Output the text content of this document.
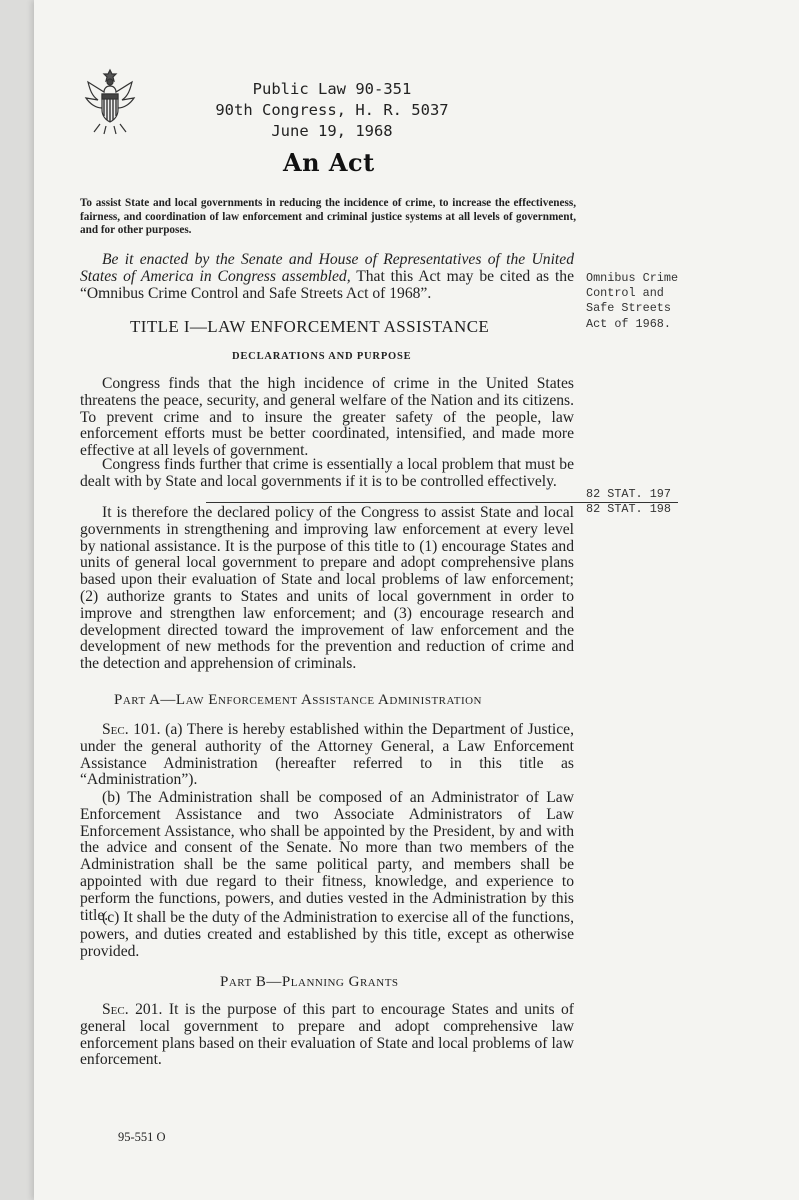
Public Law 90-351
90th Congress, H. R. 5037
June 19, 1968
An Act
To assist State and local governments in reducing the incidence of crime, to increase the effectiveness, fairness, and coordination of law enforcement and criminal justice systems at all levels of government, and for other purposes.

Be it enacted by the Senate and House of Representatives of the United States of America in Congress assembled, That this Act may be cited as the “Omnibus Crime Control and Safe Streets Act of 1968”.

Omnibus Crime
Control and
Safe Streets
Act of 1968.
TITLE I—LAW ENFORCEMENT ASSISTANCE
DECLARATIONS AND PURPOSE

Congress finds that the high incidence of crime in the United States threatens the peace, security, and general welfare of the Nation and its citizens. To prevent crime and to insure the greater safety of the people, law enforcement efforts must be better coordinated, intensified, and made more effective at all levels of government.

Congress finds further that crime is essentially a local problem that must be dealt with by State and local governments if it is to be controlled effectively.

82 STAT. 197
82 STAT. 198

It is therefore the declared policy of the Congress to assist State and local governments in strengthening and improving law enforcement at every level by national assistance. It is the purpose of this title to (1) encourage States and units of general local government to prepare and adopt comprehensive plans based upon their evaluation of State and local problems of law enforcement; (2) authorize grants to States and units of local government in order to improve and strengthen law enforcement; and (3) encourage research and development directed toward the improvement of law enforcement and the development of new methods for the prevention and reduction of crime and the detection and apprehension of criminals.

Part A—Law Enforcement Assistance Administration

Sec. 101. (a) There is hereby established within the Department of Justice, under the general authority of the Attorney General, a Law Enforcement Assistance Administration (hereafter referred to in this title as “Administration”).

(b) The Administration shall be composed of an Administrator of Law Enforcement Assistance and two Associate Administrators of Law Enforcement Assistance, who shall be appointed by the President, by and with the advice and consent of the Senate. No more than two members of the Administration shall be the same political party, and members shall be appointed with due regard to their fitness, knowledge, and experience to perform the functions, powers, and duties vested in the Administration by this title.

(c) It shall be the duty of the Administration to exercise all of the functions, powers, and duties created and established by this title, except as otherwise provided.

Part B—Planning Grants

Sec. 201. It is the purpose of this part to encourage States and units of general local government to prepare and adopt comprehensive law enforcement plans based on their evaluation of State and local problems of law enforcement.

95-551 O
